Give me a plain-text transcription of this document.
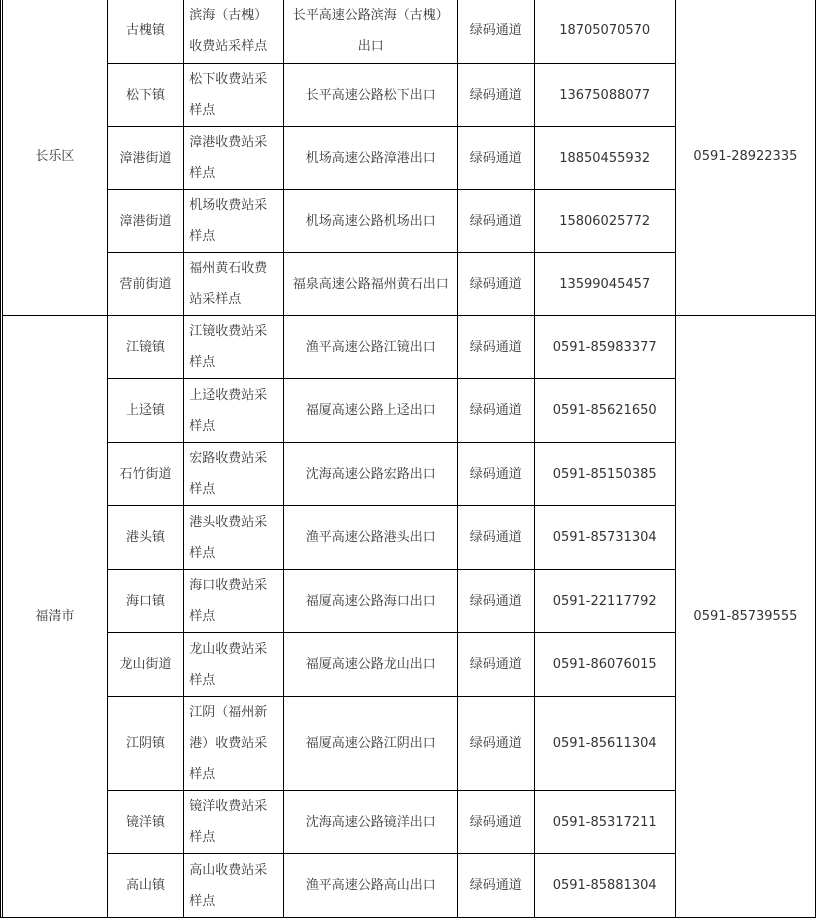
	长乐区	古槐镇	滨海（古槐）收费站采样点	长平高速公路滨海（古槐）出口	绿码通道	18705070570	0591-28922335
		松下镇	松下收费站采样点	长平高速公路松下出口	绿码通道	13675088077	
		漳港街道	漳港收费站采样点	机场高速公路漳港出口	绿码通道	18850455932	
		漳港街道	机场收费站采样点	机场高速公路机场出口	绿码通道	15806025772	
		营前街道	福州黄石收费站采样点	福泉高速公路福州黄石出口	绿码通道	13599045457	
	福清市	江镜镇	江镜收费站采样点	渔平高速公路江镜出口	绿码通道	0591-85983377	0591-85739555
		上迳镇	上迳收费站采样点	福厦高速公路上迳出口	绿码通道	0591-85621650	
		石竹街道	宏路收费站采样点	沈海高速公路宏路出口	绿码通道	0591-85150385	
		港头镇	港头收费站采样点	渔平高速公路港头出口	绿码通道	0591-85731304	
		海口镇	海口收费站采样点	福厦高速公路海口出口	绿码通道	0591-22117792	
		龙山街道	龙山收费站采样点	福厦高速公路龙山出口	绿码通道	0591-86076015	
		江阴镇	江阴（福州新港）收费站采样点	福厦高速公路江阴出口	绿码通道	0591-85611304	
		镜洋镇	镜洋收费站采样点	沈海高速公路镜洋出口	绿码通道	0591-85317211	
		高山镇	高山收费站采样点	渔平高速公路高山出口	绿码通道	0591-85881304	
